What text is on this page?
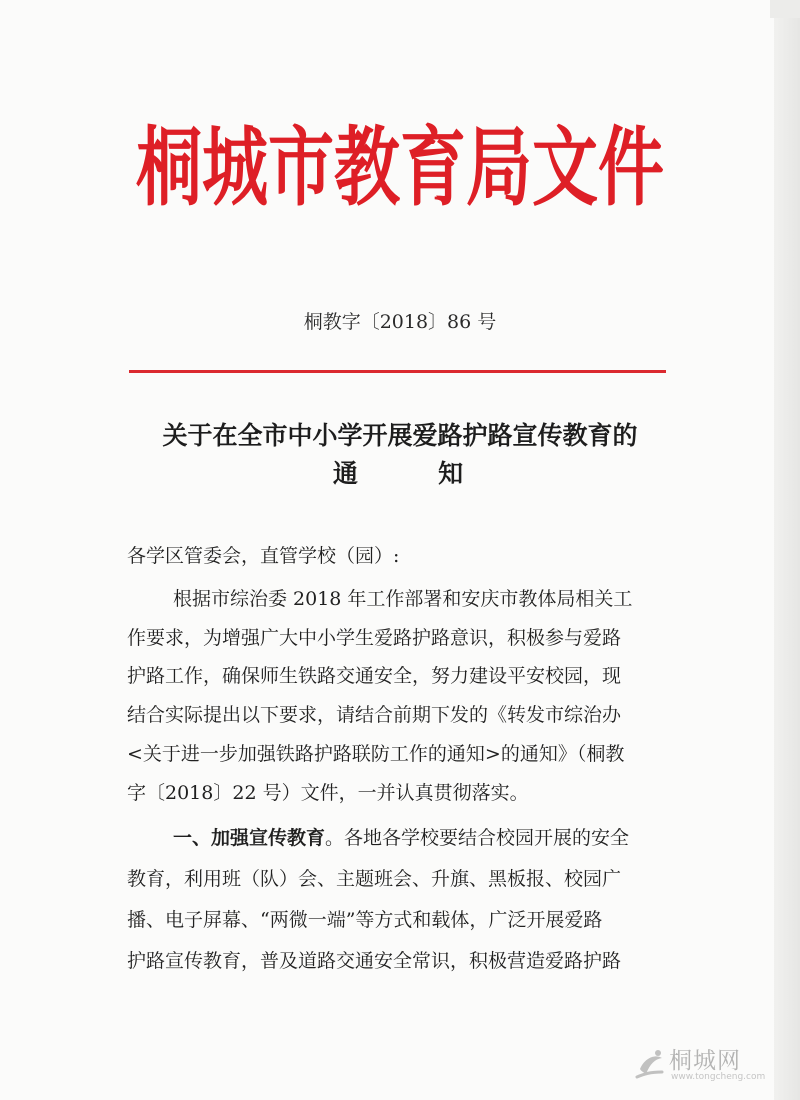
桐城市教育局文件
桐教字〔2018〕86 号
关于在全市中小学开展爱路护路宣传教育的
通      知
各学区管委会，直管学校（园）:
根据市综治委 2018 年工作部署和安庆市教体局相关工
作要求，为增强广大中小学生爱路护路意识，积极参与爱路
护路工作，确保师生铁路交通安全，努力建设平安校园，现
结合实际提出以下要求，请结合前期下发的《转发市综治办
<关于进一步加强铁路护路联防工作的通知>的通知》（桐教
字〔2018〕22 号）文件，一并认真贯彻落实。
一、加强宣传教育。各地各学校要结合校园开展的安全
教育，利用班（队）会、主题班会、升旗、黑板报、校园广
播、电子屏幕、“两微一端”等方式和载体，广泛开展爱路
护路宣传教育，普及道路交通安全常识，积极营造爱路护路
桐城网
www.tongcheng.com
